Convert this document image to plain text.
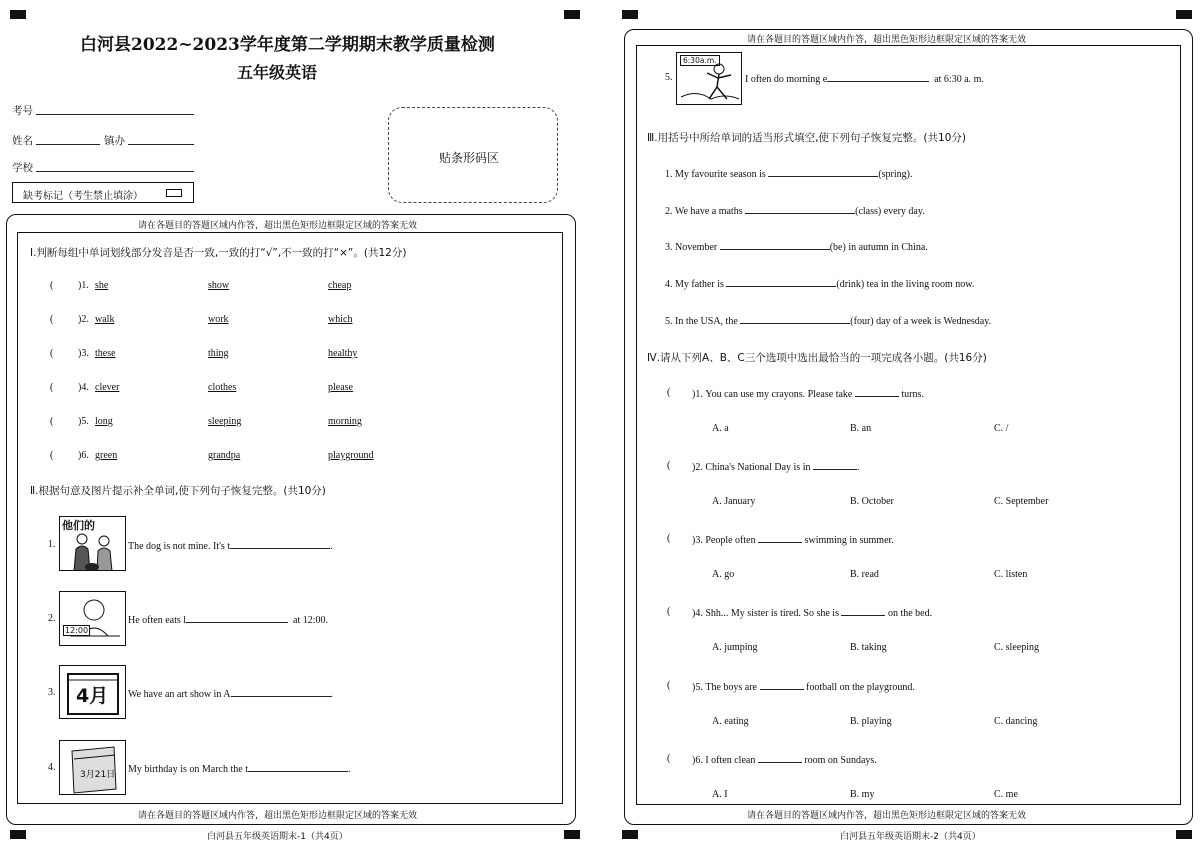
白河县2022~2023学年度第二学期期末教学质量检测
五年级英语
考号
姓名	镇办
学校
缺考标记（考生禁止填涂）
贴条形码区
请在各题目的答题区域内作答，超出黑色矩形边框限定区域的答案无效
请在各题目的答题区域内作答，超出黑色矩形边框限定区域的答案无效
Ⅰ.判断每组中单词划线部分发音是否一致,一致的打“√”,不一致的打“×”。(共12分)
( )1. she	show	cheap
( )2. walk	work	which
( )3. these	thing	healthy
( )4. clever	clothes	please
( )5. long	sleeping	morning
( )6. green	grandpa	playground
Ⅱ.根据句意及图片提示补全单词,使下列句子恢复完整。(共10分)
1.
他们的
The dog is not mine. It's t	.
2.
12:00
He often eats l	at 12:00.
3. 4月 We have an art show in A	.
4.
3月21日 My birthday is on March the t	.
白河县五年级英语期末-1（共4页）
请在各题目的答题区域内作答，超出黑色矩形边框限定区域的答案无效
请在各题目的答题区域内作答，超出黑色矩形边框限定区域的答案无效
5.
6:30a.m.
I often do morning e	at 6:30 a. m.
Ⅲ.用括号中所给单词的适当形式填空,使下列句子恢复完整。(共10分)
1. My favourite season is	(spring).
2. We have a maths	(class) every day.
3. November	(be) in autumn in China.
4. My father is	(drink) tea in the living room now.
5. In the USA, the	(four) day of a week is Wednesday.
Ⅳ.请从下列A、B、C三个选项中选出最恰当的一项完成各小题。(共16分)
( )1. You can use my crayons. Please take	turns.
A. a	B. an	C. /
( )2. China's National Day is in	.
A. January	B. October	C. September
( )3. People often	swimming in summer.
A. go	B. read	C. listen
( )4. Shh... My sister is tired. So she is	on the bed.
A. jumping	B. taking	C. sleeping
( )5. The boys are	football on the playground.
A. eating	B. playing	C. dancing
( )6. I often clean	room on Sundays.
A. I	B. my	C. me
白河县五年级英语期末-2（共4页）
